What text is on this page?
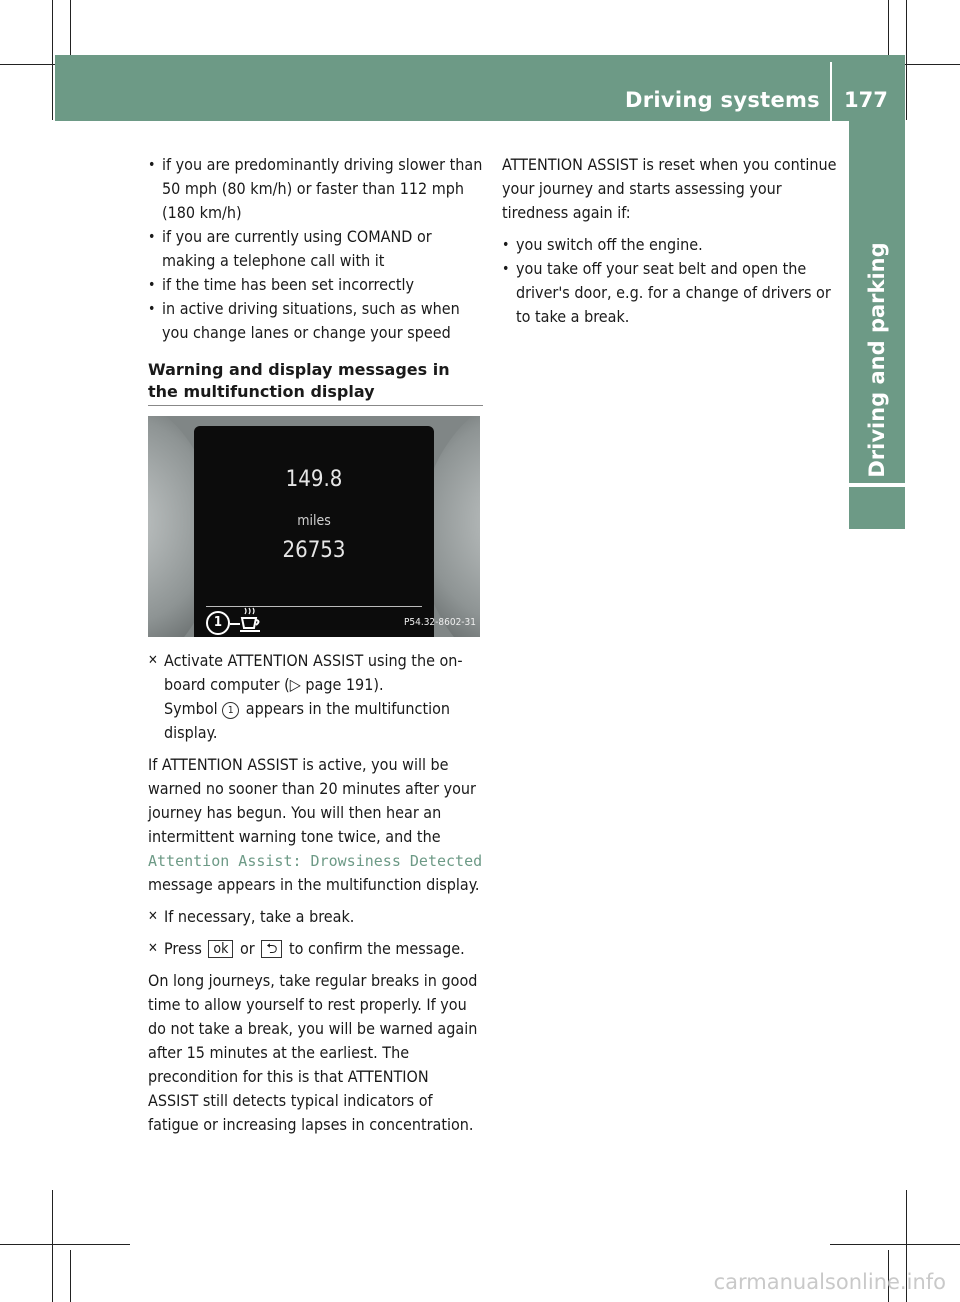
Driving systems 177
Driving and parking

• if you are predominantly driving slower than 50 mph (80 km/h) or faster than 112 mph (180 km/h)

• if you are currently using COMAND or making a telephone call with it

• if the time has been set incorrectly

• in active driving situations, such as when you change lanes or change your speed

Warning and display messages in the multifunction display
149.8
miles
26753
1	P54.32-8602-31
✕ Activate ATTENTION ASSIST using the on-board computer (▷ page 191).
Symbol 1 appears in the multifunction display.

If ATTENTION ASSIST is active, you will be warned no sooner than 20 minutes after your journey has begun. You will then hear an intermittent warning tone twice, and the Attention Assist: Drowsiness Detected message appears in the multifunction display.

✕ If necessary, take a break.
✕ Press ok or ⮌ to confirm the message.

On long journeys, take regular breaks in good time to allow yourself to rest properly. If you do not take a break, you will be warned again after 15 minutes at the earliest. The precondition for this is that ATTENTION ASSIST still detects typical indicators of fatigue or increasing lapses in concentration.

ATTENTION ASSIST is reset when you continue your journey and starts assessing your tiredness again if:

• you switch off the engine.

• you take off your seat belt and open the driver's door, e.g. for a change of drivers or to take a break.

carmanualsonline.info
